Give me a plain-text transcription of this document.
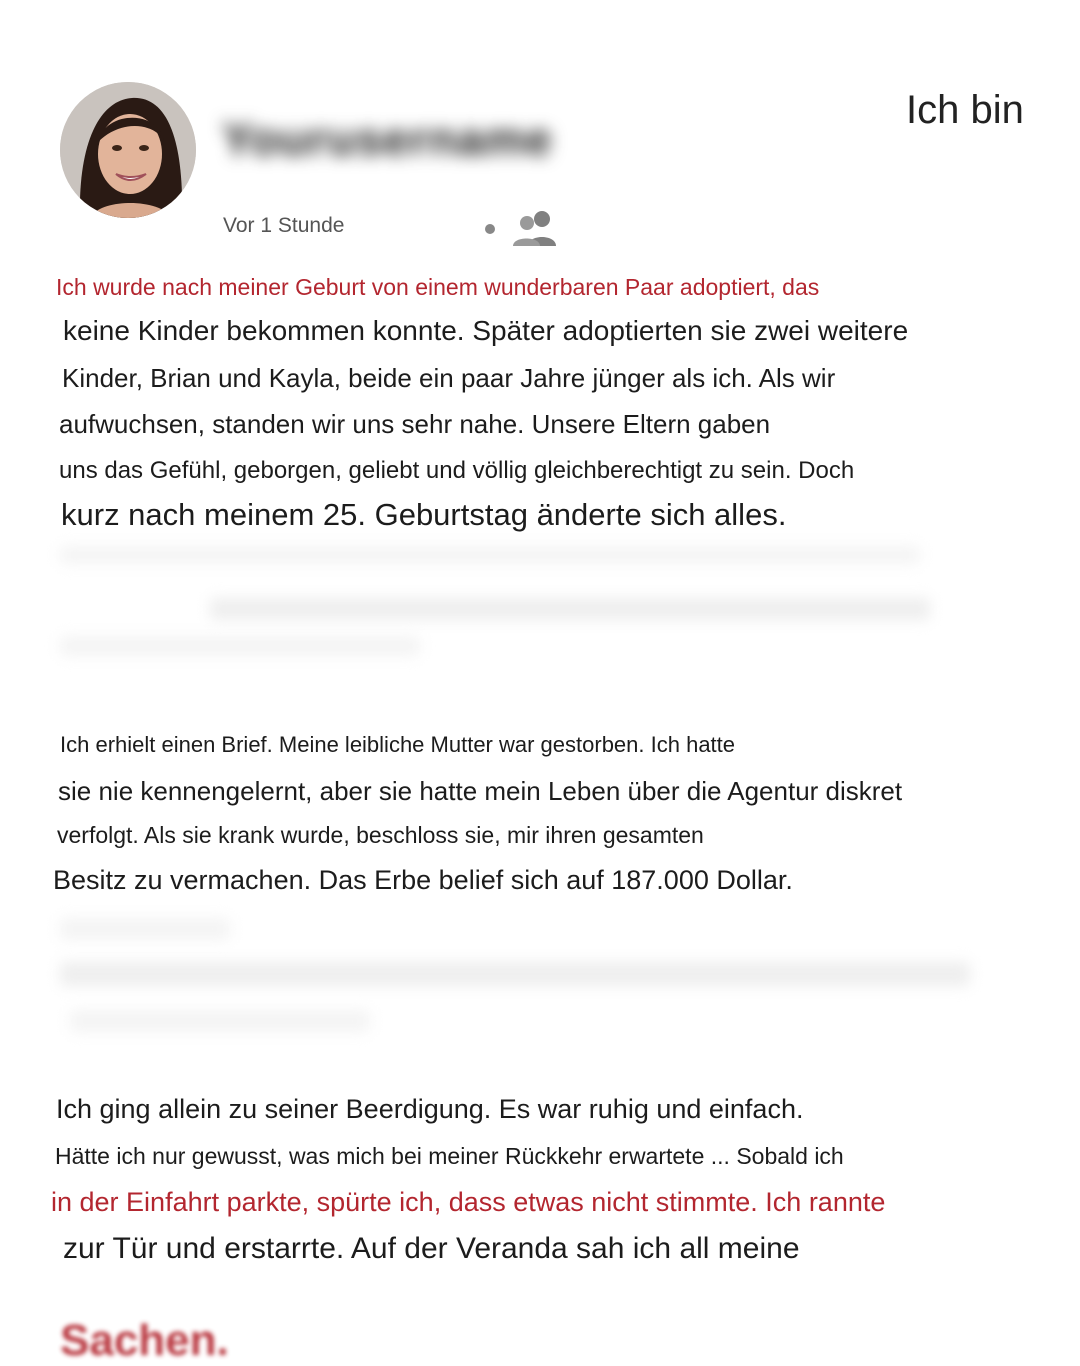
Yourusername
Vor 1 Stunde
Ich bin
Ich wurde nach meiner Geburt von einem wunderbaren Paar adoptiert, das
keine Kinder bekommen konnte. Später adoptierten sie zwei weitere
Kinder, Brian und Kayla, beide ein paar Jahre jünger als ich. Als wir
aufwuchsen, standen wir uns sehr nahe. Unsere Eltern gaben
uns das Gefühl, geborgen, geliebt und völlig gleichberechtigt zu sein. Doch
kurz nach meinem 25. Geburtstag änderte sich alles.
Ich erhielt einen Brief. Meine leibliche Mutter war gestorben. Ich hatte
sie nie kennengelernt, aber sie hatte mein Leben über die Agentur diskret
verfolgt. Als sie krank wurde, beschloss sie, mir ihren gesamten
Besitz zu vermachen. Das Erbe belief sich auf 187.000 Dollar.
Ich ging allein zu seiner Beerdigung. Es war ruhig und einfach.
Hätte ich nur gewusst, was mich bei meiner Rückkehr erwartete ... Sobald ich
in der Einfahrt parkte, spürte ich, dass etwas nicht stimmte. Ich rannte
zur Tür und erstarrte. Auf der Veranda sah ich all meine
Sachen.
